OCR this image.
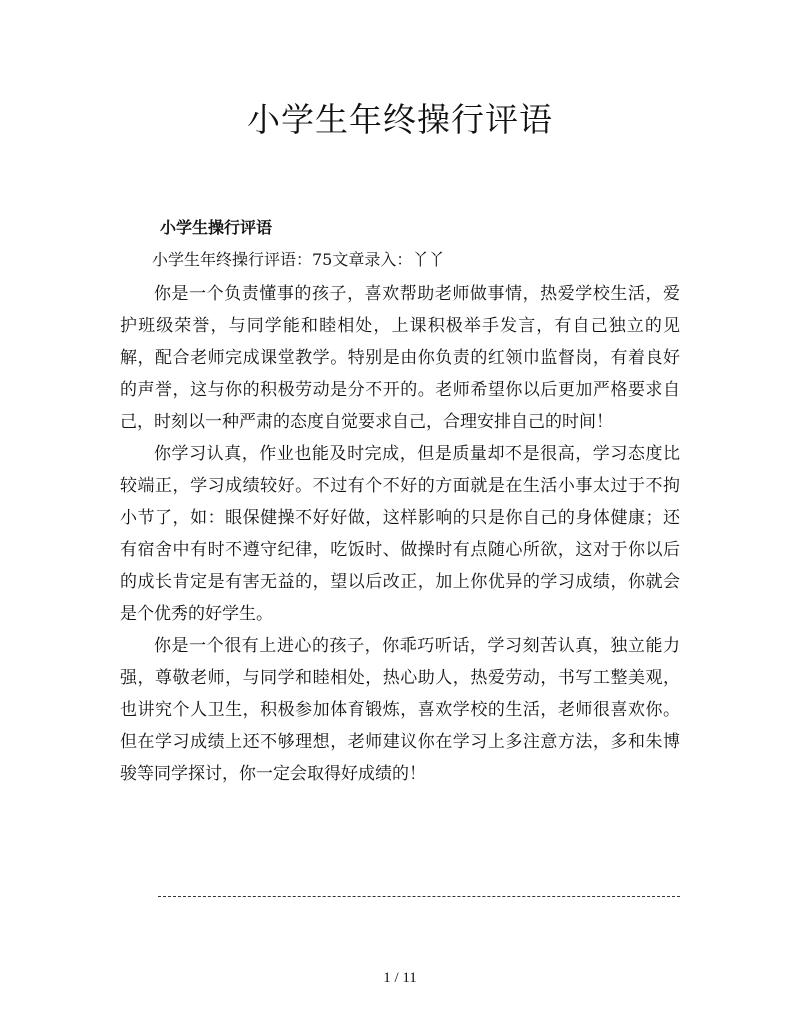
小学生年终操行评语
小学生操行评语

小学生年终操行评语：75文章录入：丫丫

你是一个负责懂事的孩子，喜欢帮助老师做事情，热爱学校生活，爱护班级荣誉，与同学能和睦相处，上课积极举手发言，有自己独立的见解，配合老师完成课堂教学。特别是由你负责的红领巾监督岗，有着良好的声誉，这与你的积极劳动是分不开的。老师希望你以后更加严格要求自己，时刻以一种严肃的态度自觉要求自己，合理安排自己的时间！

你学习认真，作业也能及时完成，但是质量却不是很高，学习态度比较端正，学习成绩较好。不过有个不好的方面就是在生活小事太过于不拘小节了，如：眼保健操不好好做，这样影响的只是你自己的身体健康；还有宿舍中有时不遵守纪律，吃饭时、做操时有点随心所欲，这对于你以后的成长肯定是有害无益的，望以后改正，加上你优异的学习成绩，你就会是个优秀的好学生。

你是一个很有上进心的孩子，你乖巧听话，学习刻苦认真，独立能力强，尊敬老师，与同学和睦相处，热心助人，热爱劳动，书写工整美观，也讲究个人卫生，积极参加体育锻炼，喜欢学校的生活，老师很喜欢你。但在学习成绩上还不够理想，老师建议你在学习上多注意方法，多和朱博骏等同学探讨，你一定会取得好成绩的！

1 / 11
